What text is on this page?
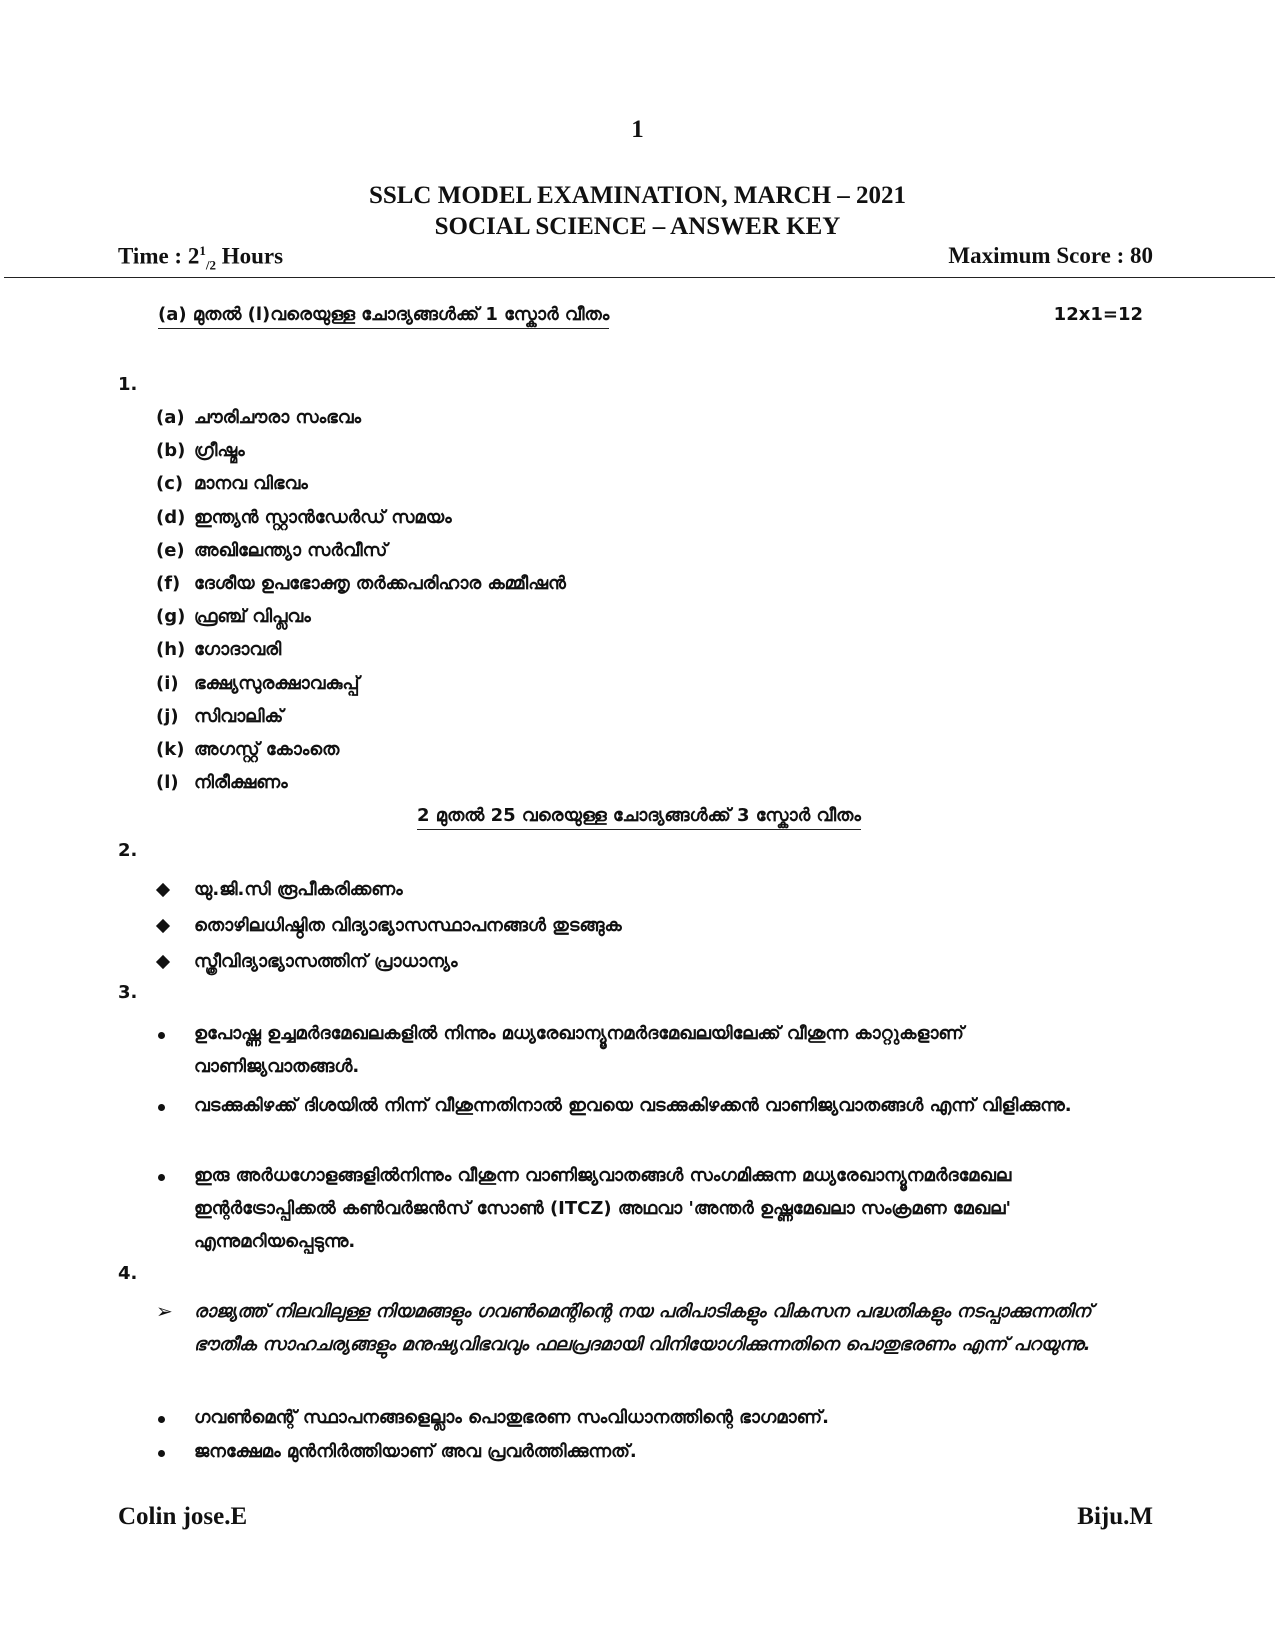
1
SSLC MODEL EXAMINATION, MARCH – 2021
SOCIAL SCIENCE – ANSWER KEY
Time : $2^1_{/2}$ Hours	Maximum Score : 80
(a) മുതൽ (l)വരെയുള്ള ചോദ്യങ്ങൾക്ക് 1 സ്കോർ വീതം	12x1=12
1.
(a) ചൗരിചൗരാ സംഭവം
(b) ഗ്രീഷ്മം
(c) മാനവ വിഭവം
(d) ഇന്ത്യൻ സ്റ്റാൻഡേർഡ് സമയം
(e) അഖിലേന്ത്യാ സർവീസ്
(f) ദേശീയ ഉപഭോക്തൃ തർക്കപരിഹാര കമ്മീഷൻ
(g) ഫ്രഞ്ച് വിപ്ലവം
(h) ഗോദാവരി
(i) ഭക്ഷ്യസുരക്ഷാവകുപ്പ്
(j) സിവാലിക്
(k) അഗസ്റ്റ് കോംതെ
(l) നിരീക്ഷണം
2 മുതൽ 25 വരെയുള്ള ചോദ്യങ്ങൾക്ക് 3 സ്കോർ വീതം
2.
യു.ജി.സി രൂപീകരിക്കണം
തൊഴിലധിഷ്ഠിത വിദ്യാഭ്യാസസ്ഥാപനങ്ങൾ തുടങ്ങുക
സ്ത്രീവിദ്യാഭ്യാസത്തിന് പ്രാധാന്യം
3.
ഉപോഷ്ണ ഉച്ചമർദമേഖലകളിൽ നിന്നും മധ്യരേഖാന്യൂനമർദമേഖലയിലേക്ക് വീശുന്ന കാറ്റുകളാണ് വാണിജ്യവാതങ്ങൾ.
വടക്കുകിഴക്ക് ദിശയിൽ നിന്ന് വീശുന്നതിനാൽ ഇവയെ വടക്കുകിഴക്കൻ വാണിജ്യവാതങ്ങൾ എന്ന് വിളിക്കുന്നു.
ഇരു അർധഗോളങ്ങളിൽനിന്നും വീശുന്ന വാണിജ്യവാതങ്ങൾ സംഗമിക്കുന്ന മധ്യരേഖാന്യൂനമർദമേഖല ഇന്റർട്രോപ്പിക്കൽ കൺവർജൻസ് സോൺ (ITCZ) അഥവാ 'അന്തർ ഉഷ്ണമേഖലാ സംക്രമണ മേഖല' എന്നുമറിയപ്പെടുന്നു.
4.
➢	രാജ്യത്ത് നിലവിലുള്ള നിയമങ്ങളും ഗവൺമെന്റിന്റെ നയ പരിപാടികളും വികസന പദ്ധതികളും നടപ്പാക്കുന്നതിന് ഭൗതീക സാഹചര്യങ്ങളും മനുഷ്യവിഭവവും ഫലപ്രദമായി വിനിയോഗിക്കുന്നതിനെ പൊതുഭരണം എന്ന് പറയുന്നു.
ഗവൺമെന്റ് സ്ഥാപനങ്ങളെല്ലാം പൊതുഭരണ സംവിധാനത്തിന്റെ ഭാഗമാണ്.
ജനക്ഷേമം മുൻനിർത്തിയാണ് അവ പ്രവർത്തിക്കുന്നത്.
Colin jose.E	Biju.M
